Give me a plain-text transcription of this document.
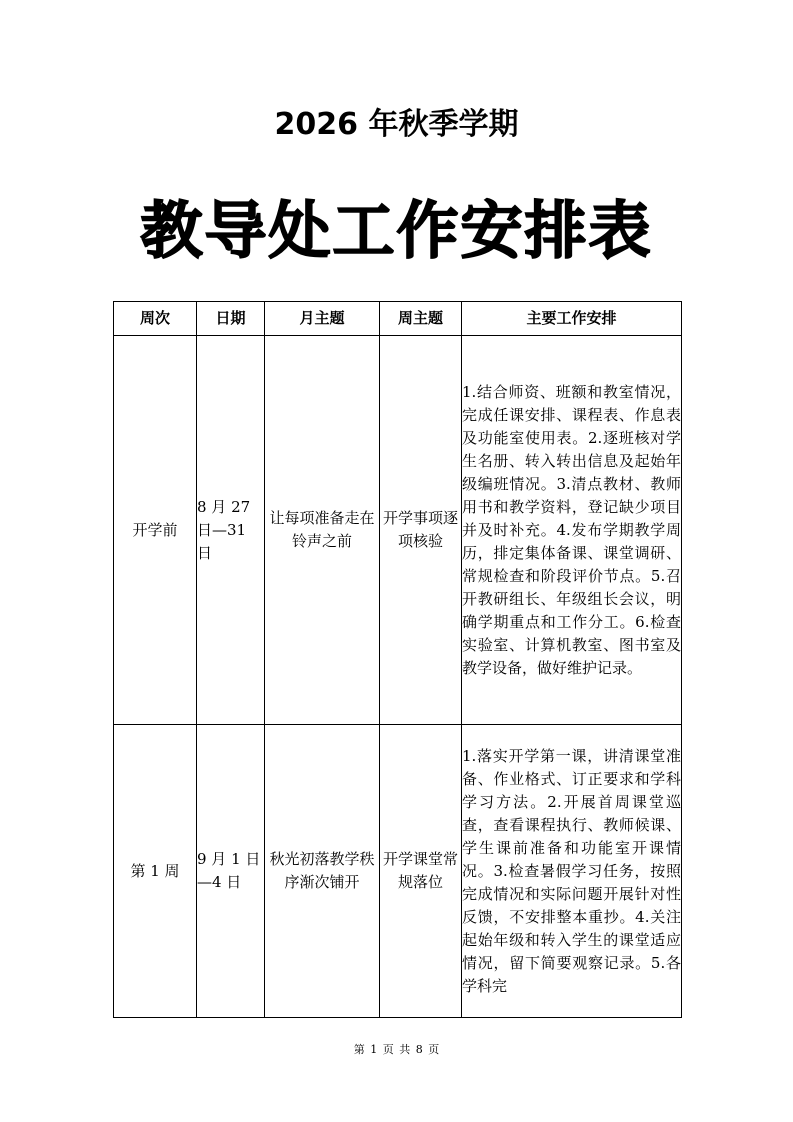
2026 年秋季学期
教导处工作安排表
周次	日期	月主题	周主题	主要工作安排
开学前	8 月 27 日—31 日	让每项准备走在铃声之前	开学事项逐项核验	1.结合师资、班额和教室情况，完成任课安排、课程表、作息表及功能室使用表。2.逐班核对学生名册、转入转出信息及起始年级编班情况。3.清点教材、教师用书和教学资料，登记缺少项目并及时补充。4.发布学期教学周历，排定集体备课、课堂调研、常规检查和阶段评价节点。5.召开教研组长、年级组长会议，明确学期重点和工作分工。6.检查实验室、计算机教室、图书室及教学设备，做好维护记录。
第 1 周	9 月 1 日—4 日	秋光初落教学秩序渐次铺开	开学课堂常规落位	1.落实开学第一课，讲清课堂准备、作业格式、订正要求和学科学习方法。2.开展首周课堂巡查，查看课程执行、教师候课、学生课前准备和功能室开课情况。3.检查暑假学习任务，按照完成情况和实际问题开展针对性反馈，不安排整本重抄。4.关注起始年级和转入学生的课堂适应情况，留下简要观察记录。5.各学科完
第 1 页 共 8 页
